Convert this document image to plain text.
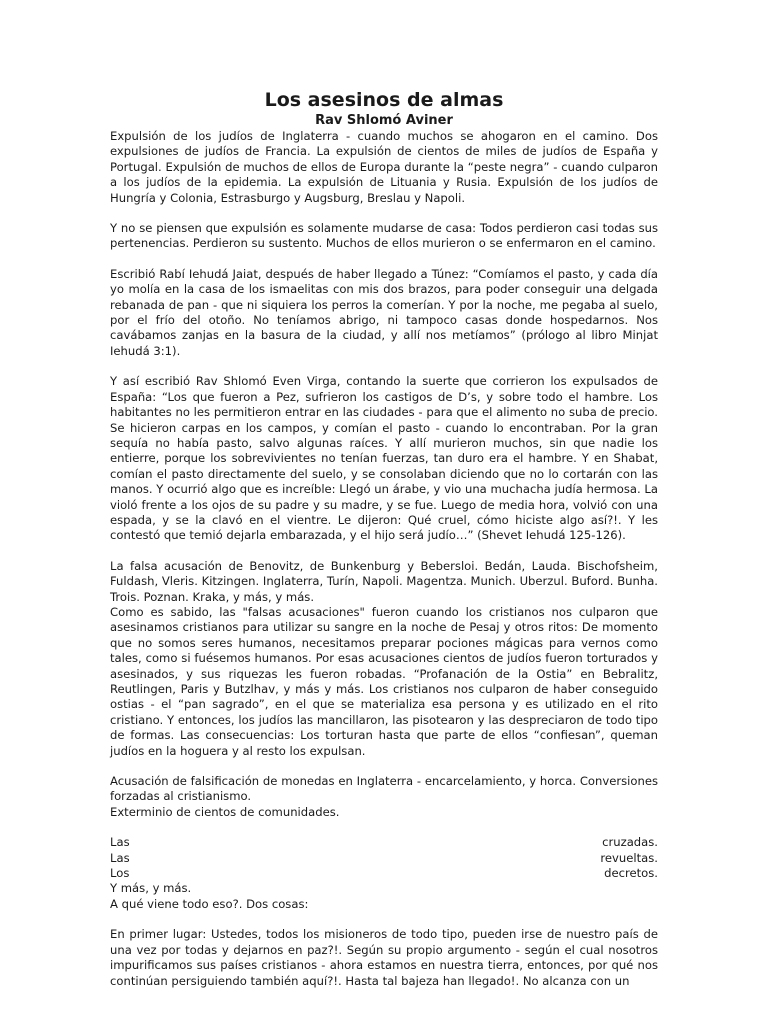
Los asesinos de almas
Rav Shlomó Aviner

Expulsión de los judíos de Inglaterra - cuando muchos se ahogaron en el camino. Dos expulsiones de judíos de Francia. La expulsión de cientos de miles de judíos de España y Portugal. Expulsión de muchos de ellos de Europa durante la “peste negra” - cuando culparon a los judíos de la epidemia. La expulsión de Lituania y Rusia. Expulsión de los judíos de Hungría y Colonia, Estrasburgo y Augsburg, Breslau y Napoli.

Y no se piensen que expulsión es solamente mudarse de casa: Todos perdieron casi todas sus pertenencias. Perdieron su sustento. Muchos de ellos murieron o se enfermaron en el camino.

Escribió Rabí Iehudá Jaiat, después de haber llegado a Túnez: “Comíamos el pasto, y cada día yo molía en la casa de los ismaelitas con mis dos brazos, para poder conseguir una delgada rebanada de pan - que ni siquiera los perros la comerían. Y por la noche, me pegaba al suelo, por el frío del otoño. No teníamos abrigo, ni tampoco casas donde hospedarnos. Nos cavábamos zanjas en la basura de la ciudad, y allí nos metíamos” (prólogo al libro Minjat Iehudá 3:1).

Y así escribió Rav Shlomó Even Virga, contando la suerte que corrieron los expulsados de España: “Los que fueron a Pez, sufrieron los castigos de D’s, y sobre todo el hambre. Los habitantes no les permitieron entrar en las ciudades - para que el alimento no suba de precio. Se hicieron carpas en los campos, y comían el pasto - cuando lo encontraban. Por la gran sequía no había pasto, salvo algunas raíces. Y allí murieron muchos, sin que nadie los entierre, porque los sobrevivientes no tenían fuerzas, tan duro era el hambre. Y en Shabat, comían el pasto directamente del suelo, y se consolaban diciendo que no lo cortarán con las manos. Y ocurrió algo que es increíble: Llegó un árabe, y vio una muchacha judía hermosa. La violó frente a los ojos de su padre y su madre, y se fue. Luego de media hora, volvió con una espada, y se la clavó en el vientre. Le dijeron: Qué cruel, cómo hiciste algo así?!. Y les contestó que temió dejarla embarazada, y el hijo será judío…” (Shevet Iehudá 125-126).

La falsa acusación de Benovitz, de Bunkenburg y Bebersloi. Bedán, Lauda. Bischofsheim, Fuldash, Vleris. Kitzingen. Inglaterra, Turín, Napoli. Magentza. Munich. Uberzul. Buford. Bunha. Trois. Poznan. Kraka, y más, y más.

Como es sabido, las "falsas acusaciones" fueron cuando los cristianos nos culparon que asesinamos cristianos para utilizar su sangre en la noche de Pesaj y otros ritos: De momento que no somos seres humanos, necesitamos preparar pociones mágicas para vernos como tales, como si fuésemos humanos. Por esas acusaciones cientos de judíos fueron torturados y asesinados, y sus riquezas les fueron robadas. “Profanación de la Ostia” en Bebralitz, Reutlingen, Paris y Butzlhav, y más y más. Los cristianos nos culparon de haber conseguido ostias - el “pan sagrado”, en el que se materializa esa persona y es utilizado en el rito cristiano. Y entonces, los judíos las mancillaron, las pisotearon y las despreciaron de todo tipo de formas. Las consecuencias: Los torturan hasta que parte de ellos “confiesan”, queman judíos en la hoguera y al resto los expulsan.

Acusación de falsificación de monedas en Inglaterra - encarcelamiento, y horca. Conversiones forzadas al cristianismo.

Exterminio de cientos de comunidades.

Las	cruzadas.
Las	revueltas.
Los	decretos.

Y más, y más.

A qué viene todo eso?. Dos cosas:

En primer lugar: Ustedes, todos los misioneros de todo tipo, pueden irse de nuestro país de una vez por todas y dejarnos en paz?!. Según su propio argumento - según el cual nosotros impurificamos sus países cristianos - ahora estamos en nuestra tierra, entonces, por qué nos continúan persiguiendo también aquí?!. Hasta tal bajeza han llegado!. No alcanza con un
